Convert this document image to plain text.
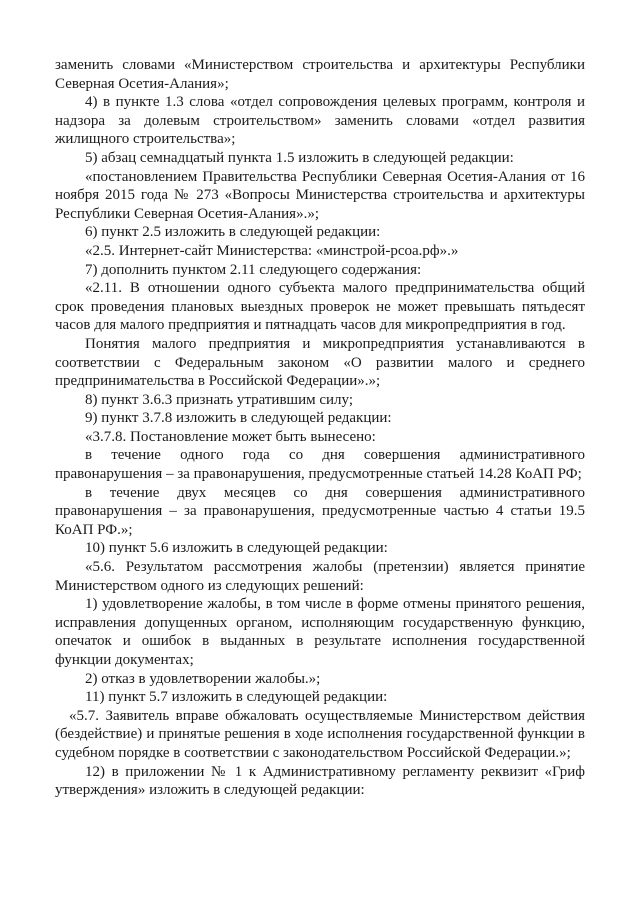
заменить словами «Министерством строительства и архитектуры Республики Северная Осетия-Алания»;

4) в пункте 1.3 слова «отдел сопровождения целевых программ, контроля и надзора за долевым строительством» заменить словами «отдел развития жилищного строительства»;

5) абзац семнадцатый пункта 1.5 изложить в следующей редакции:

«постановлением Правительства Республики Северная Осетия-Алания от 16 ноября 2015 года № 273 «Вопросы Министерства строительства и архитектуры Республики Северная Осетия-Алания».»;

6) пункт 2.5 изложить в следующей редакции:

«2.5. Интернет-сайт Министерства: «минстрой-рсоа.рф».»

7) дополнить пунктом 2.11 следующего содержания:

«2.11. В отношении одного субъекта малого предпринимательства общий срок проведения плановых выездных проверок не может превышать пятьдесят часов для малого предприятия и пятнадцать часов для микропредприятия в год.

Понятия малого предприятия и микропредприятия устанавливаются в соответствии с Федеральным законом «О развитии малого и среднего предпринимательства в Российской Федерации».»;

8) пункт 3.6.3 признать утратившим силу;

9) пункт 3.7.8 изложить в следующей редакции:

«3.7.8. Постановление может быть вынесено:

в течение одного года со дня совершения административного правонарушения – за правонарушения, предусмотренные статьей 14.28 КоАП РФ;

в течение двух месяцев со дня совершения административного правонарушения – за правонарушения, предусмотренные частью 4 статьи 19.5 КоАП РФ.»;

10) пункт 5.6 изложить в следующей редакции:

«5.6. Результатом рассмотрения жалобы (претензии) является принятие Министерством одного из следующих решений:

1) удовлетворение жалобы, в том числе в форме отмены принятого решения, исправления допущенных органом, исполняющим государственную функцию, опечаток и ошибок в выданных в результате исполнения государственной функции документах;

2) отказ в удовлетворении жалобы.»;

11) пункт 5.7 изложить в следующей редакции:

«5.7. Заявитель вправе обжаловать осуществляемые Министерством действия (бездействие) и принятые решения в ходе исполнения государственной функции в судебном порядке в соответствии с законодательством Российской Федерации.»;

12) в приложении № 1 к Административному регламенту реквизит «Гриф утверждения» изложить в следующей редакции:
